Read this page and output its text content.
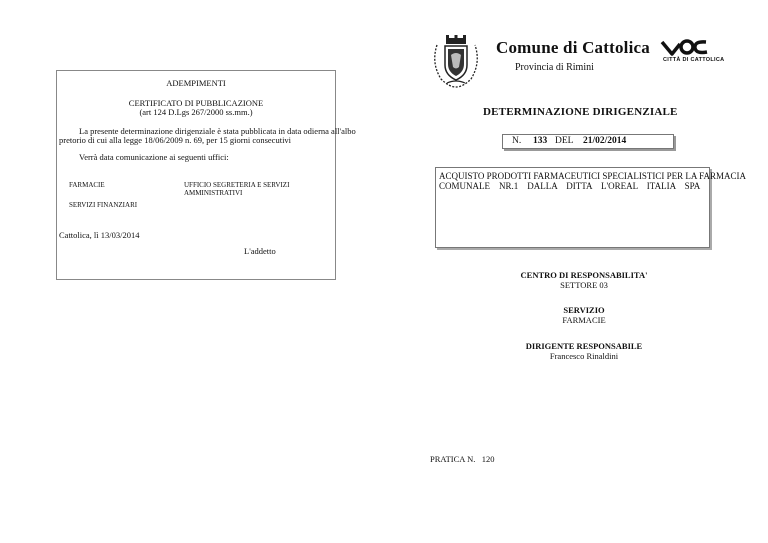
ADEMPIMENTI
CERTIFICATO DI PUBBLICAZIONE
(art 124 D.Lgs 267/2000 ss.mm.)
La presente determinazione dirigenziale è stata pubblicata in data odierna all'albo
pretorio di cui alla legge 18/06/2009 n. 69, per 15 giorni consecutivi
Verrà data comunicazione ai seguenti uffici:
FARMACIE	UFFICIO SEGRETERIA E SERVIZI
AMMINISTRATIVI
SERVIZI FINANZIARI
Cattolica, lì 13/03/2014
L'addetto
Comune di Cattolica
Provincia di Rimini
CITTÀ DI CATTOLICA
DETERMINAZIONE DIRIGENZIALE
N. 133 DEL 21/02/2014
ACQUISTO PRODOTTI FARMACEUTICI SPECIALISTICI PER LA FARMACIA
COMUNALE    NR.1    DALLA    DITTA    L'OREAL    ITALIA    SPA
CENTRO DI RESPONSABILITA'
SETTORE 03
SERVIZIO
FARMACIE
DIRIGENTE RESPONSABILE
Francesco Rinaldini
PRATICA N.   120
